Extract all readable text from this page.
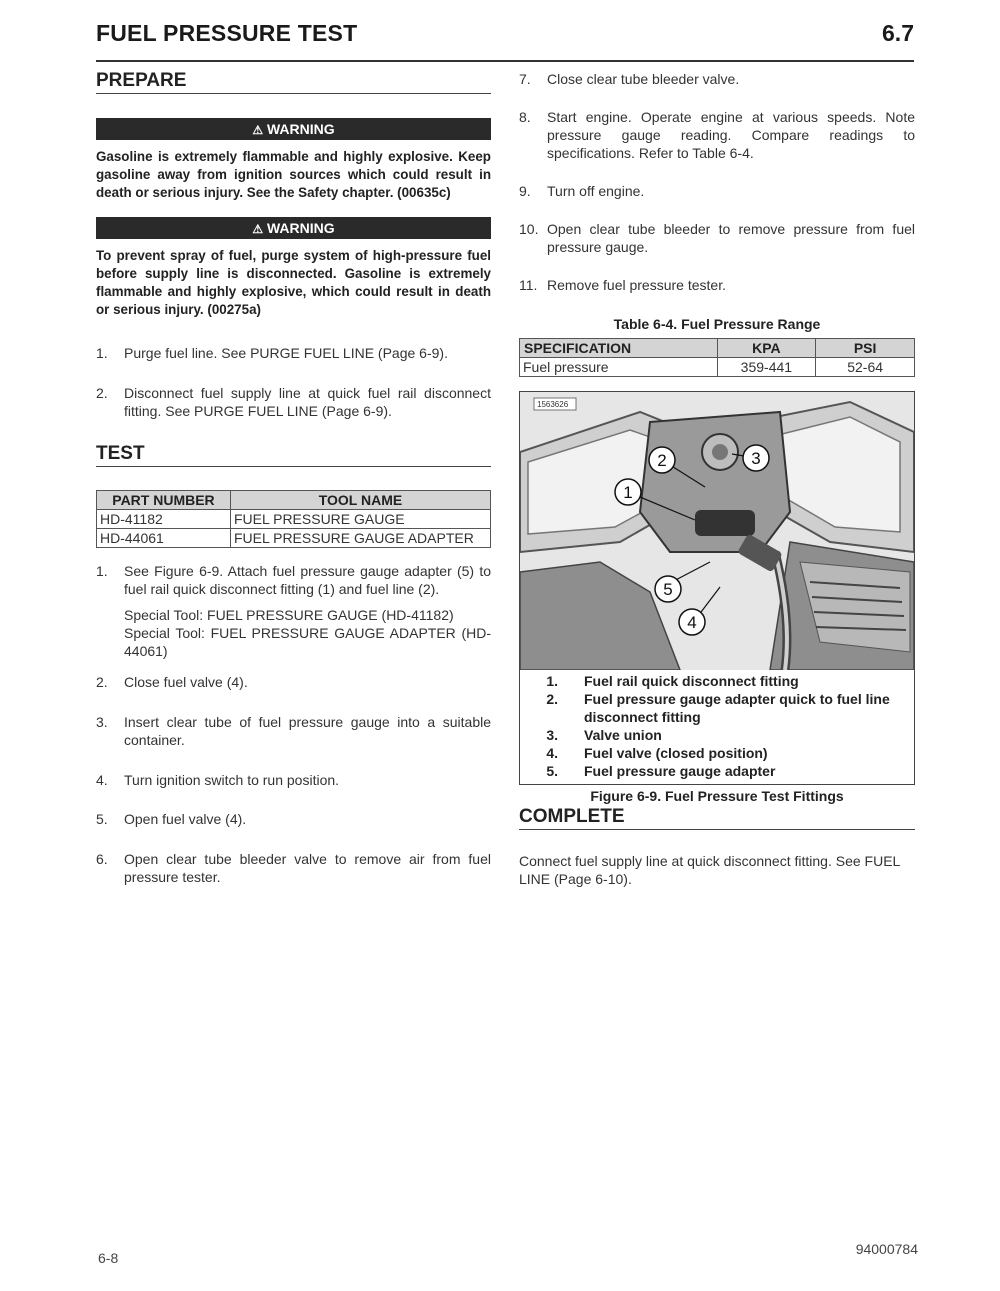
FUEL PRESSURE TEST	6.7
PREPARE
⚠ WARNING
Gasoline is extremely flammable and highly explosive. Keep gasoline away from ignition sources which could result in death or serious injury. See the Safety chapter. (00635c)
⚠ WARNING
To prevent spray of fuel, purge system of high-pressure fuel before supply line is disconnected. Gasoline is extremely flammable and highly explosive, which could result in death or serious injury. (00275a)
1.	Purge fuel line. See PURGE FUEL LINE (Page 6-9).
2.	Disconnect fuel supply line at quick fuel rail disconnect fitting. See PURGE FUEL LINE (Page 6-9).
TEST
PART NUMBER	TOOL NAME
HD-41182	FUEL PRESSURE GAUGE
HD-44061	FUEL PRESSURE GAUGE ADAPTER
1.	See Figure 6-9. Attach fuel pressure gauge adapter (5) to fuel rail quick disconnect fitting (1) and fuel line (2).
Special Tool: FUEL PRESSURE GAUGE (HD-41182)
Special Tool: FUEL PRESSURE GAUGE ADAPTER (HD-44061)
2.	Close fuel valve (4).
3.	Insert clear tube of fuel pressure gauge into a suitable container.
4.	Turn ignition switch to run position.
5.	Open fuel valve (4).
6.	Open clear tube bleeder valve to remove air from fuel pressure tester.
7.	Close clear tube bleeder valve.
8.	Start engine. Operate engine at various speeds. Note pressure gauge reading. Compare readings to specifications. Refer to Table 6-4.
9.	Turn off engine.
10. Open clear tube bleeder to remove pressure from fuel pressure gauge.
11. Remove fuel pressure tester.
Table 6-4. Fuel Pressure Range
SPECIFICATION	KPA	PSI
Fuel pressure	359-441	52-64
1563626
1
2	3
4
5
1.	Fuel rail quick disconnect fitting
2.	Fuel pressure gauge adapter quick to fuel line disconnect fitting
3.	Valve union
4.	Fuel valve (closed position)
5.	Fuel pressure gauge adapter
Figure 6-9. Fuel Pressure Test Fittings
COMPLETE
Connect fuel supply line at quick disconnect fitting. See FUEL LINE (Page 6-10).
6-8
94000784
